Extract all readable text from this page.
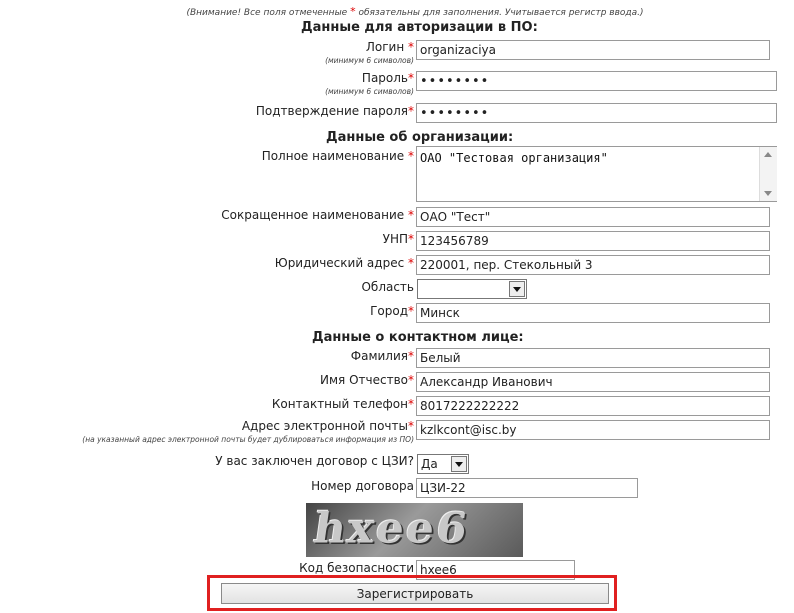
(Внимание! Все поля отмеченные * обязательны для заполнения. Учитывается регистр ввода.)
Данные для авторизации в ПО:
Логин *
(минимум 6 символов)
organizaciya
Пароль*
(минимум 6 символов)
••••••••
Подтверждение пароля*
••••••••
Данные об организации:
Полное наименование *
ОАО "Тестовая организация"
Сокращенное наименование *
ОАО "Тест"
УНП*
123456789
Юридический адрес *
220001, пер. Стекольный 3
Область
Город*
Минск
Данные о контактном лице:
Фамилия*
Белый
Имя Отчество*
Александр Иванович
Контактный телефон*
8017222222222
Адрес электронной почты*
(на указанный адрес электронной почты будет дублироваться информация из ПО)
kzlkcont@isc.by
У вас заключен договор с ЦЗИ? Да
Номер договора
ЦЗИ-22
hxee6
Код безопасности
hxee6
Зарегистрировать
